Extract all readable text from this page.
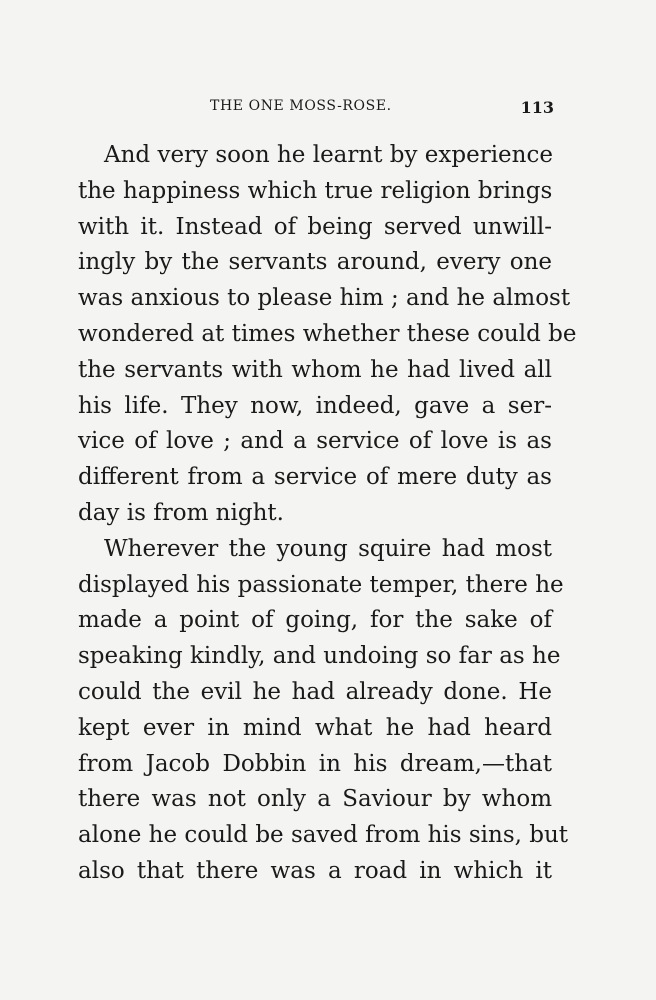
THE ONE MOSS-ROSE.	113
And very soon he learnt by experience
the happiness which true religion brings
with it. Instead of being served unwill-
ingly by the servants around, every one
was anxious to please him ; and he almost
wondered at times whether these could be
the servants with whom he had lived all
his life. They now, indeed, gave a ser-
vice of love ; and a service of love is as
different from a service of mere duty as
day is from night.
Wherever the young squire had most
displayed his passionate temper, there he
made a point of going, for the sake of
speaking kindly, and undoing so far as he
could the evil he had already done. He
kept ever in mind what he had heard
from Jacob Dobbin in his dream,—that
there was not only a Saviour by whom
alone he could be saved from his sins, but
also that there was a road in which it
